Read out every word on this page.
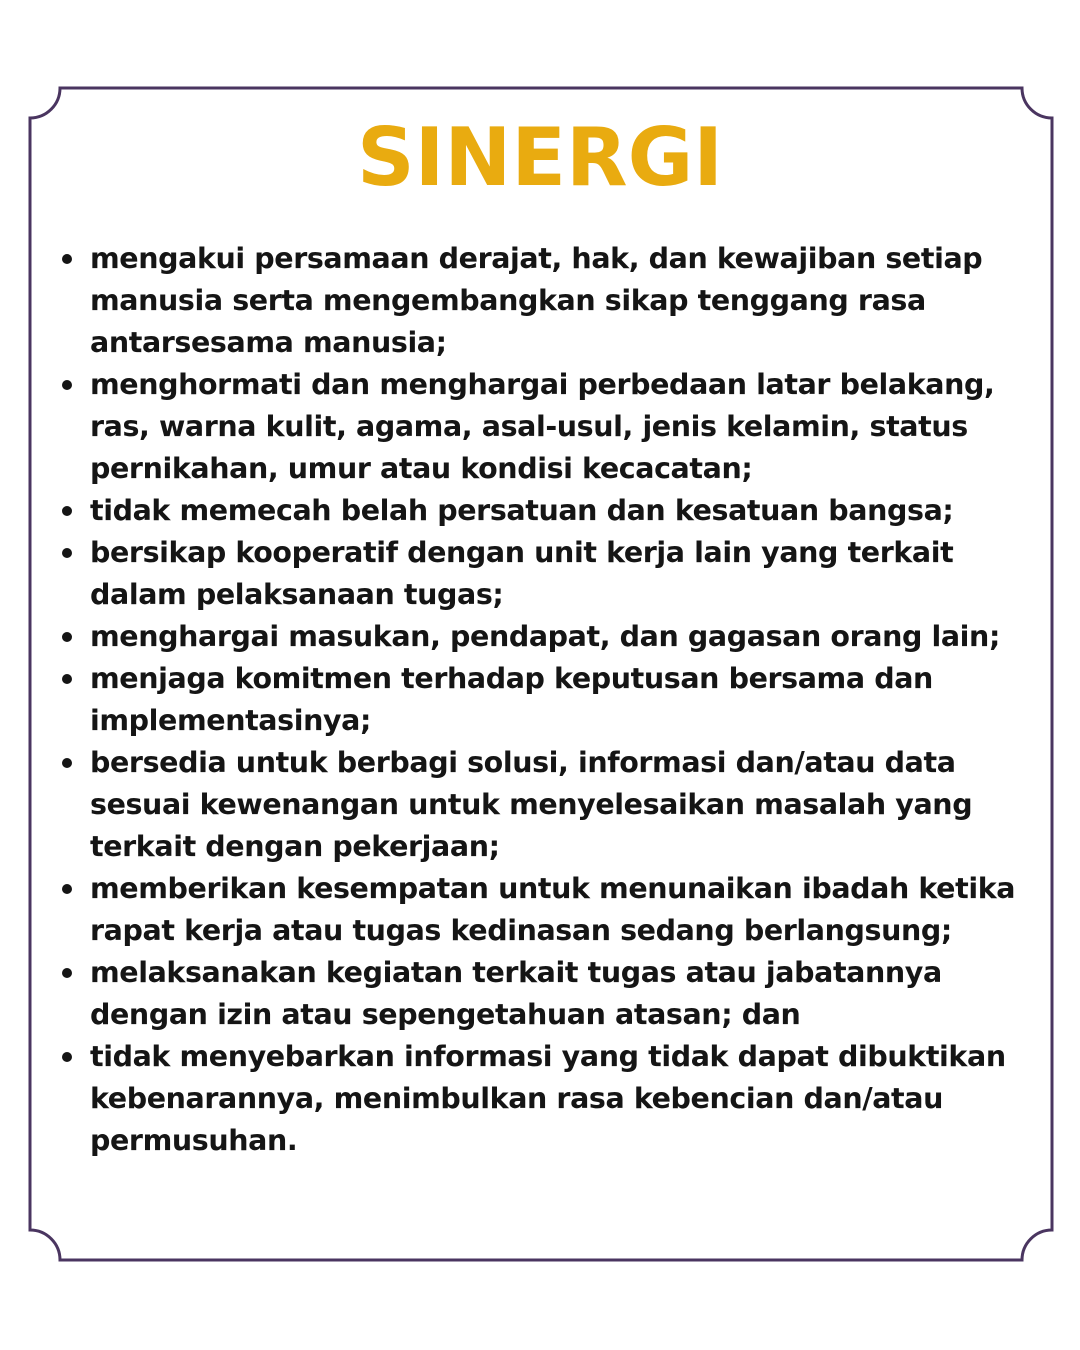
SINERGI
mengakui persamaan derajat, hak, dan kewajiban setiap manusia serta mengembangkan sikap tenggang rasa antarsesama manusia;
menghormati dan menghargai perbedaan latar belakang, ras, warna kulit, agama, asal-usul, jenis kelamin, status pernikahan, umur atau kondisi kecacatan;
tidak memecah belah persatuan dan kesatuan bangsa;
bersikap kooperatif dengan unit kerja lain yang terkait dalam pelaksanaan tugas;
menghargai masukan, pendapat, dan gagasan orang lain;
menjaga komitmen terhadap keputusan bersama dan implementasinya;
bersedia untuk berbagi solusi, informasi dan/atau data sesuai kewenangan untuk menyelesaikan masalah yang terkait dengan pekerjaan;
memberikan kesempatan untuk menunaikan ibadah ketika rapat kerja atau tugas kedinasan sedang berlangsung;
melaksanakan kegiatan terkait tugas atau jabatannya dengan izin atau sepengetahuan atasan; dan
tidak menyebarkan informasi yang tidak dapat dibuktikan kebenarannya, menimbulkan rasa kebencian dan/atau permusuhan.
